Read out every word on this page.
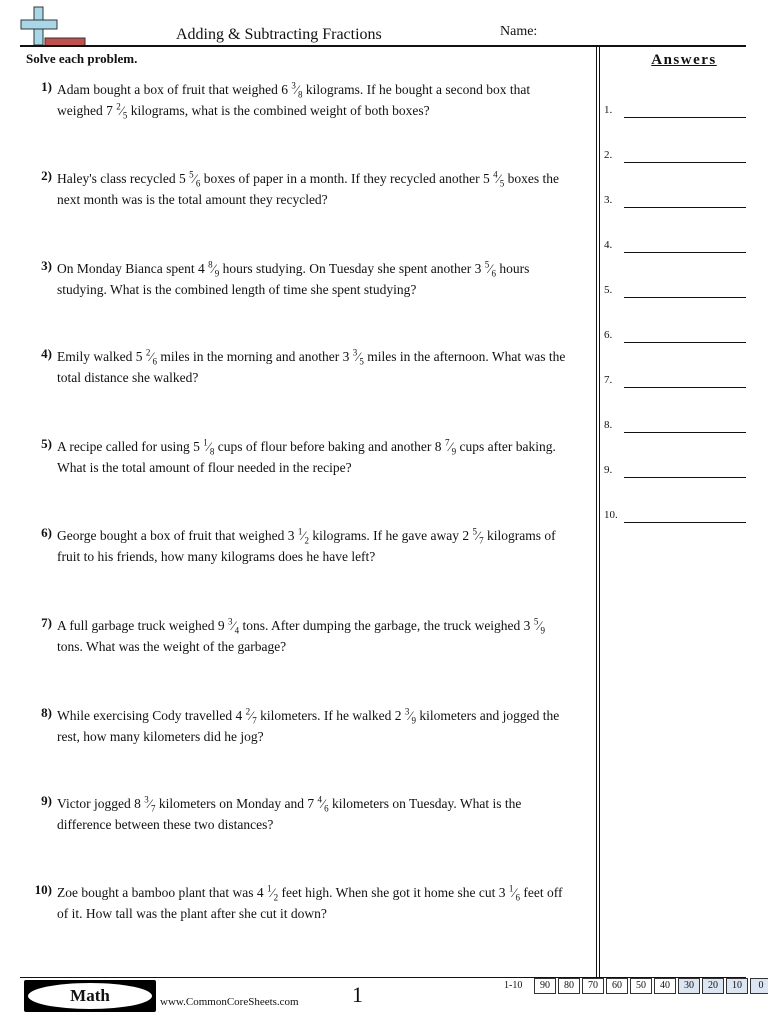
Adding & Subtracting Fractions	Name:
Solve each problem.
1) Adam bought a box of fruit that weighed 6 $^3⁄_8$ kilograms. If he bought a second box that weighed 7 $^2⁄_5$ kilograms, what is the combined weight of both boxes?
2) Haley's class recycled 5 $^5⁄_6$ boxes of paper in a month. If they recycled another 5 $^4⁄_5$ boxes the next month was is the total amount they recycled?
3) On Monday Bianca spent 4 $^8⁄_9$ hours studying. On Tuesday she spent another 3 $^5⁄_6$ hours studying. What is the combined length of time she spent studying?
4) Emily walked 5 $^2⁄_6$ miles in the morning and another 3 $^3⁄_5$ miles in the afternoon. What was the total distance she walked?
5) A recipe called for using 5 $^1⁄_8$ cups of flour before baking and another 8 $^7⁄_9$ cups after baking. What is the total amount of flour needed in the recipe?
6) George bought a box of fruit that weighed 3 $^1⁄_2$ kilograms. If he gave away 2 $^5⁄_7$ kilograms of fruit to his friends, how many kilograms does he have left?
7) A full garbage truck weighed 9 $^3⁄_4$ tons. After dumping the garbage, the truck weighed 3 $^5⁄_9$ tons. What was the weight of the garbage?
8) While exercising Cody travelled 4 $^2⁄_7$ kilometers. If he walked 2 $^3⁄_9$ kilometers and jogged the rest, how many kilometers did he jog?
9) Victor jogged 8 $^3⁄_7$ kilometers on Monday and 7 $^4⁄_6$ kilometers on Tuesday. What is the difference between these two distances?
10) Zoe bought a bamboo plant that was 4 $^1⁄_2$ feet high. When she got it home she cut 3 $^1⁄_6$ feet off of it. How tall was the plant after she cut it down?
Answers
1.
2.
3.
4.
5.
6.
7.
8.
9.
10.
Math	www.CommonCoreSheets.com 1	1-10	90	80	70	60	50	40	30	20	10	0
